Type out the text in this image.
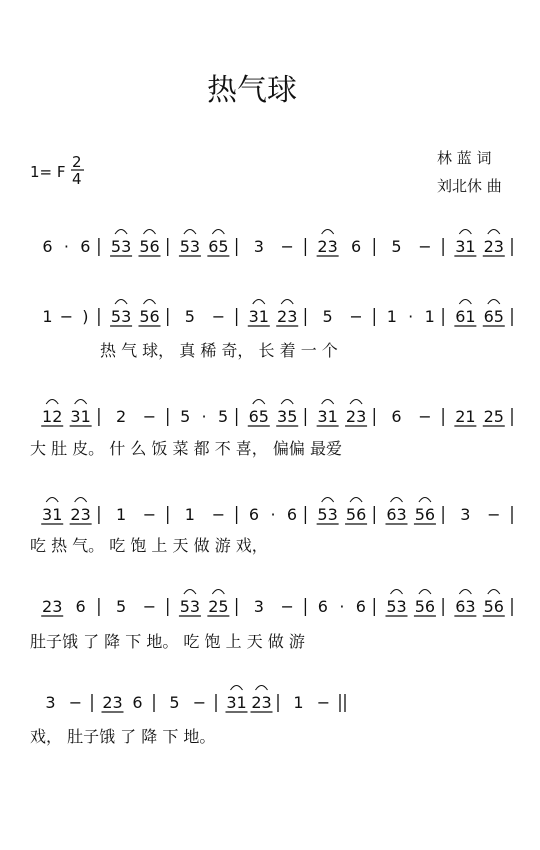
热气球
1= F
2
4
林 蓝 词
刘北休 曲
6 · 6 53 56 53 65 3 − 23 6 5 − 31 23
1 − ) 53 56 5 − 31 23 5 − 1 · 1 61 65
热 气 球， 真 稀 奇， 长 着 一 个
12 31 2 − 5 · 5 65 35 31 23 6 − 21 25
大 肚 皮。 什 么 饭 菜 都 不 喜， 偏偏 最爱
31 23 1 − 1 − 6 · 6 53 56 63 56 3 −
吃 热 气。 吃 饱 上 天 做 游 戏，
23 6 5 − 53 25 3 − 6 · 6 53 56 63 56
肚子饿 了 降 下 地。 吃 饱 上 天 做 游
3 − 23 6 5 − 31 23 1 −
戏， 肚子饿 了 降 下 地。
